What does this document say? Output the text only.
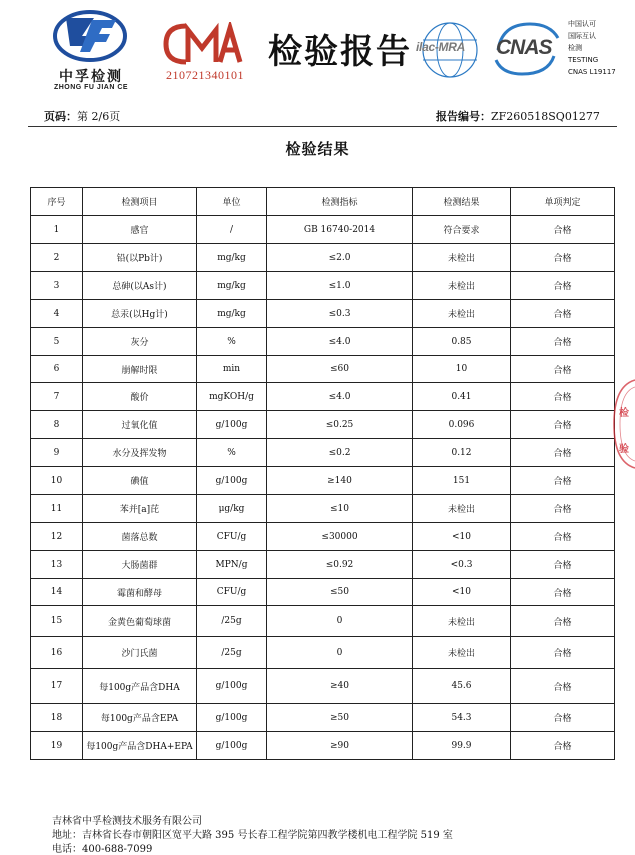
中孚检测
ZHONG FU JIAN CE
210721340101
检验报告 ilac-MRA CNAS
中国认可
国际互认
检测
TESTING
CNAS L19117
页码：第 2/6页	报告编号：ZF260518SQ01277
检验结果
序号	检测项目	单位	检测指标	检测结果	单项判定
1	感官	/	GB 16740-2014	符合要求	合格
2	铅(以Pb计)	mg/kg	≤2.0	未检出	合格
3	总砷(以As计)	mg/kg	≤1.0	未检出	合格
4	总汞(以Hg计)	mg/kg	≤0.3	未检出	合格
5	灰分	%	≤4.0	0.85	合格
6	崩解时限	min	≤60	10	合格
7	酸价	mgKOH/g	≤4.0	0.41	合格
8	过氧化值	g/100g	≤0.25	0.096	合格
9	水分及挥发物	%	≤0.2	0.12	合格
10	碘值	g/100g	≥140	151	合格
11	苯并[a]芘	μg/kg	≤10	未检出	合格
12	菌落总数	CFU/g	≤30000	<10	合格
13	大肠菌群	MPN/g	≤0.92	<0.3	合格
14	霉菌和酵母	CFU/g	≤50	<10	合格
15	金黄色葡萄球菌	/25g	0	未检出	合格
16	沙门氏菌	/25g	0	未检出	合格
17	每100g产品含DHA	g/100g	≥40	45.6	合格
18	每100g产品含EPA	g/100g	≥50	54.3	合格
19	每100g产品含DHA+EPA	g/100g	≥90	99.9	合格
检
验
吉林省中孚检测技术服务有限公司
地址：吉林省长春市朝阳区宽平大路 395 号长春工程学院第四教学楼机电工程学院 519 室
电话：400-688-7099
